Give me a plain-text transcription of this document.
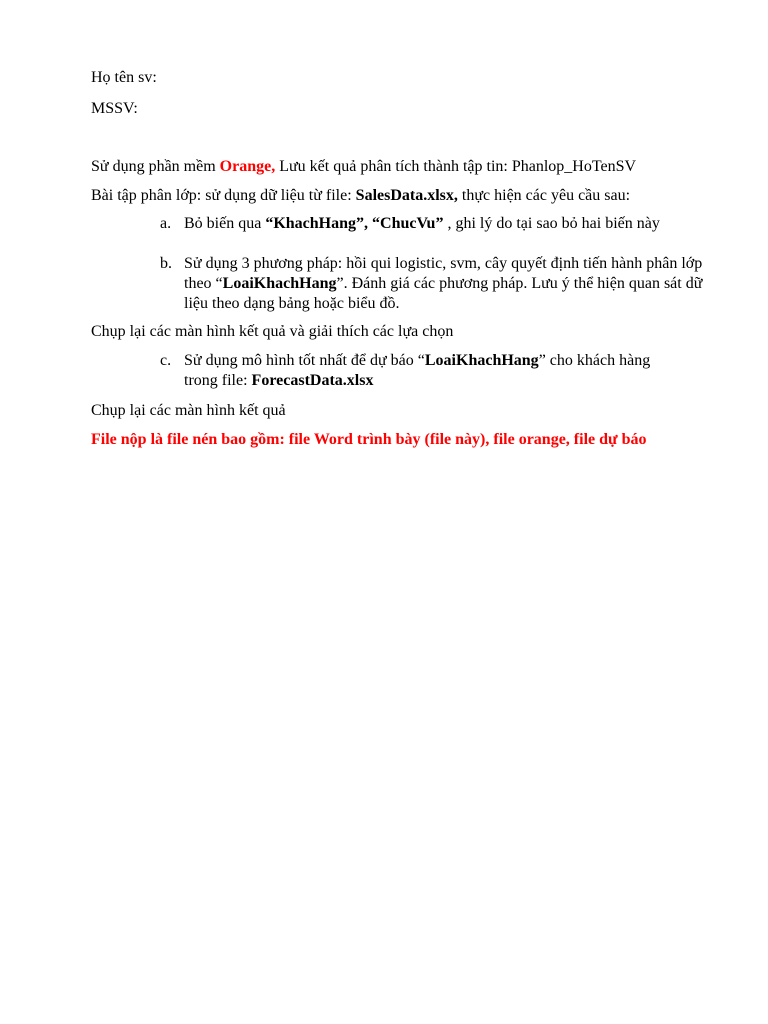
Họ tên sv:
MSSV:
Sử dụng phần mềm Orange, Lưu kết quả phân tích thành tập tin: Phanlop_HoTenSV
Bài tập phân lớp: sử dụng dữ liệu từ file: SalesData.xlsx, thực hiện các yêu cầu sau:
a. Bỏ biến qua “KhachHang”, “ChucVu” , ghi lý do tại sao bỏ hai biến này
b. Sử dụng 3 phương pháp: hồi qui logistic, svm, cây quyết định tiến hành phân lớp theo “LoaiKhachHang”. Đánh giá các phương pháp. Lưu ý thể hiện quan sát dữ liệu theo dạng bảng hoặc biểu đồ.
Chụp lại các màn hình kết quả và giải thích các lựa chọn
c. Sử dụng mô hình tốt nhất để dự báo “LoaiKhachHang” cho khách hàng trong file: ForecastData.xlsx
Chụp lại các màn hình kết quả
File nộp là file nén bao gồm: file Word trình bày (file này), file orange, file dự báo
